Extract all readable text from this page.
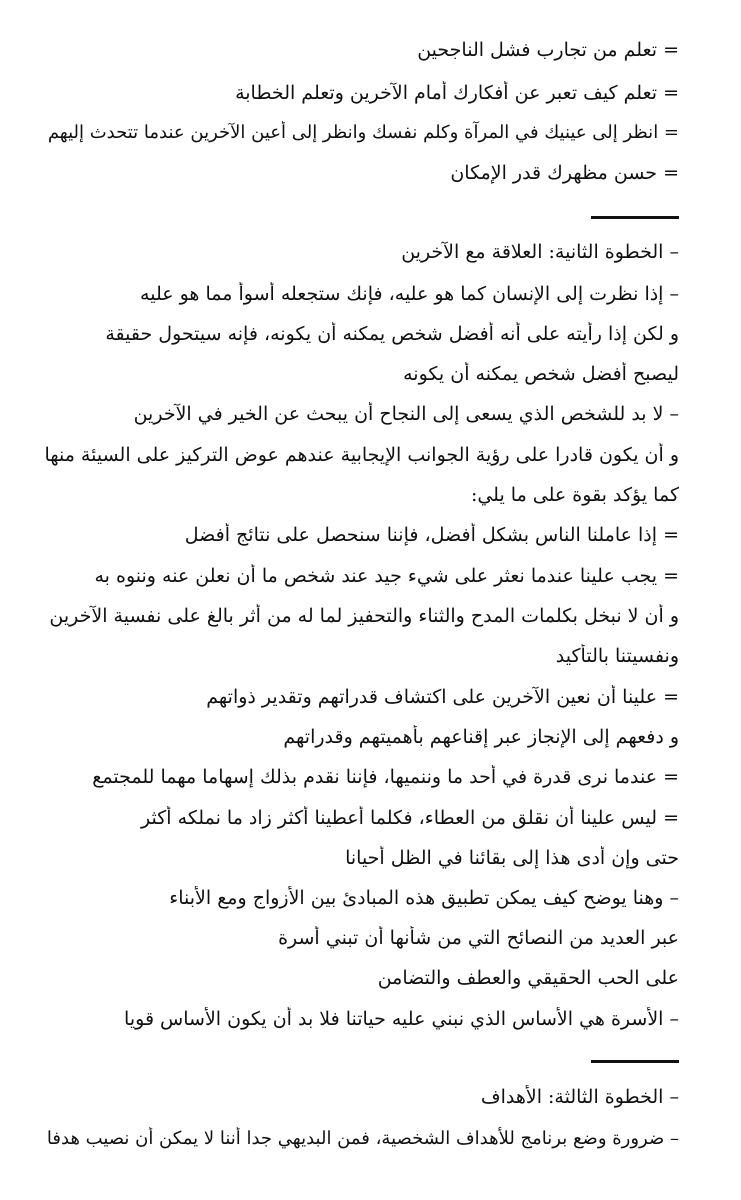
= تعلم من تجارب فشل الناجحين
= تعلم كيف تعبر عن أفكارك أمام الآخرين وتعلم الخطابة
= انظر إلى عينيك في المرآة وكلم نفسك وانظر إلى أعين الآخرين عندما تتحدث إليهم
= حسن مظهرك قدر الإمكان
– الخطوة الثانية: العلاقة مع الآخرين
– إذا نظرت إلى الإنسان كما هو عليه، فإنك ستجعله أسوأ مما هو عليه
و لكن إذا رأيته على أنه أفضل شخص يمكنه أن يكونه، فإنه سيتحول حقيقة
ليصبح أفضل شخص يمكنه أن يكونه
– لا بد للشخص الذي يسعى إلى النجاح أن يبحث عن الخير في الآخرين
و أن يكون قادرا على رؤية الجوانب الإيجابية عندهم عوض التركيز على السيئة منها
كما يؤكد بقوة على ما يلي:
= إذا عاملنا الناس بشكل أفضل، فإننا سنحصل على نتائج أفضل
= يجب علينا عندما نعثر على شيء جيد عند شخص ما أن نعلن عنه وننوه به
و أن لا نبخل بكلمات المدح والثناء والتحفيز لما له من أثر بالغ على نفسية الآخرين
ونفسيتنا بالتأكيد
= علينا أن نعين الآخرين على اكتشاف قدراتهم وتقدير ذواتهم
و دفعهم إلى الإنجاز عبر إقناعهم بأهميتهم وقدراتهم
= عندما نرى قدرة في أحد ما وننميها، فإننا نقدم بذلك إسهاما مهما للمجتمع
= ليس علينا أن نقلق من العطاء، فكلما أعطينا أكثر زاد ما نملكه أكثر
حتى وإن أدى هذا إلى بقائنا في الظل أحيانا
– وهنا يوضح كيف يمكن تطبيق هذه المبادئ بين الأزواج ومع الأبناء
عبر العديد من النصائح التي من شأنها أن تبني أسرة
على الحب الحقيقي والعطف والتضامن
– الأسرة هي الأساس الذي نبني عليه حياتنا فلا بد أن يكون الأساس قويا
– الخطوة الثالثة: الأهداف
– ضرورة وضع برنامج للأهداف الشخصية، فمن البديهي جدا أننا لا يمكن أن نصيب هدفا
